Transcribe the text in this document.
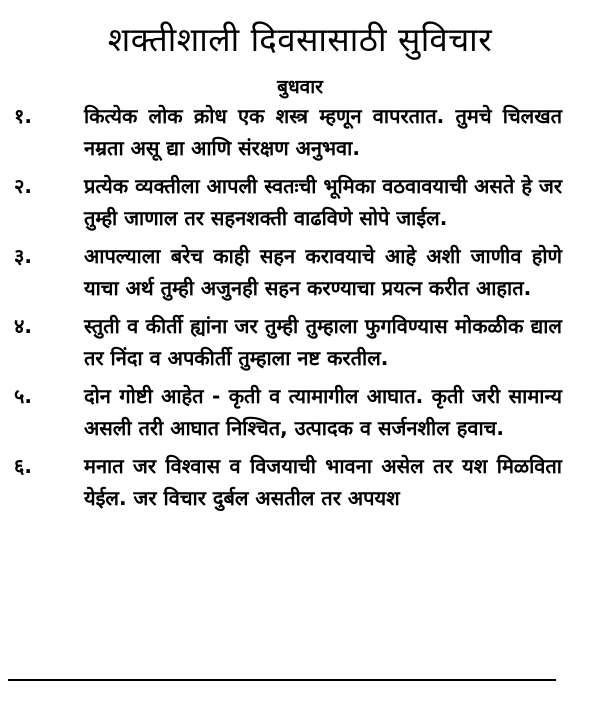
शक्तीशाली दिवसासाठी सुविचार
बुधवार
१.	कित्येक लोक क्रोध एक शस्त्र म्हणून वापरतात. तुमचे चिलखत नम्रता असू द्या आणि संरक्षण अनुभवा.
२.	प्रत्येक व्यक्तीला आपली स्वतःची भूमिका वठवावयाची असते हे जर तुम्ही जाणाल तर सहनशक्ती वाढविणे सोपे जाईल.
३.	आपल्याला बरेच काही सहन करावयाचे आहे अशी जाणीव होणे याचा अर्थ तुम्ही अजुनही सहन करण्याचा प्रयत्न करीत आहात.
४.	स्तुती व कीर्ती ह्यांना जर तुम्ही तुम्हाला फुगविण्यास मोकळीक द्याल तर निंदा व अपकीर्ती तुम्हाला नष्ट करतील.
५.	दोन गोष्टी आहेत - कृती व त्यामागील आघात. कृती जरी सामान्य असली तरी आघात निश्चित, उत्पादक व सर्जनशील हवाच.
६.	मनात जर विश्वास व विजयाची भावना असेल तर यश मिळविता येईल. जर विचार दुर्बल असतील तर अपयश
